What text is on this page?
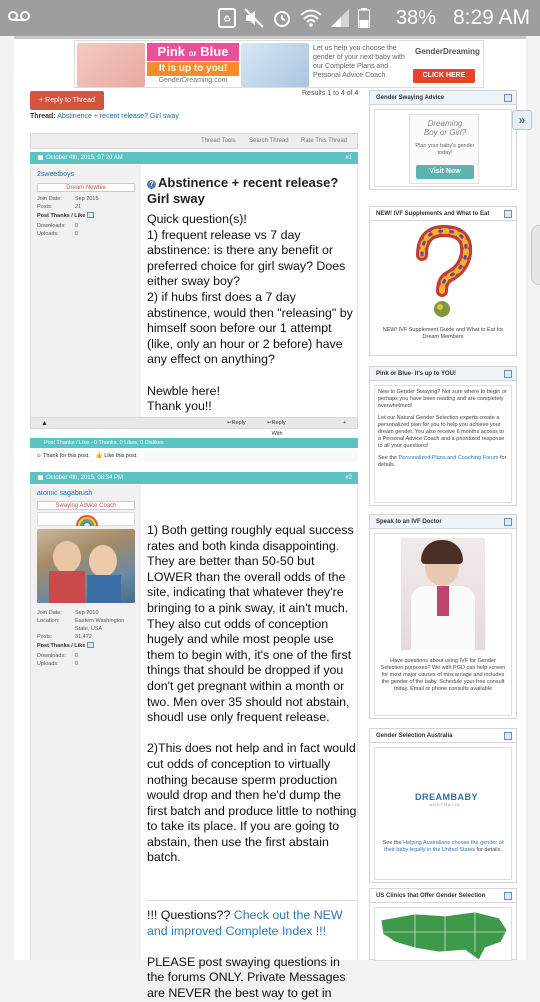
♻	38% 8:29 AM
Pink or Blue
It is up to you!
GenderDreaming.com
Let us help you choose the gender of your next baby with our Complete Plans and Personal Advice Coach
GenderDreaming
CLICK HERE
+ Reply to Thread
Results 1 to 4 of 4
Thread: Abstinence + recent release? Girl sway
Thread Tools Search Thread Rate This Thread
October 4th, 2015, 07:20 AM	#1
2sweetboys
Dream Newbie
Join Date: Sep 2015
Posts:	21
Post Thanks / Like
Downloads: 0
Uploads:	0
? Abstinence + recent release? Girl sway
Quick question(s)!
1) frequent release vs 7 day abstinence: is there any benefit or preferred choice for girl sway? Does either sway boy?
2) if hubs first does a 7 day abstinence, would then "releasing" by himself soon before our 1 attempt (like, only an hour or 2 before) have any effect on anything?
Newble here!
Thank you!!
▲	↩ Reply	↩ Reply With
+
Post Thanks / Like - 0 Thanks, 0 Likes, 0 Dislikes
☺ Thank for this post 👍 Like this post
October 4th, 2015, 08:34 PM	#2
atomic sagabrush
Swaying Advice Coach
Join Date: Sep 2010
Location:	Eastern Washington State, USA
Posts:	31,472
Post Thanks / Like
Downloads: 0
Uploads:	0
1) Both getting roughly equal success rates and both kinda disappointing. They are better than 50-50 but LOWER than the overall odds of the site, indicating that whatever they're bringing to a pink sway, it ain't much. They also cut odds of conception hugely and while most people use them to begin with, it's one of the first things that should be dropped if you don't get pregnant within a month or two. Men over 35 should not abstain, shoudl use only frequent release.
2)This does not help and in fact would cut odds of conception to virtually nothing because sperm production would drop and then he'd dump the first batch and produce little to nothing to take its place. If you are going to abstain, then use the first abstain batch.
!!! Questions?? Check out the NEW and improved Complete Index !!!
PLEASE post swaying questions in the forums ONLY. Private Messages are NEVER the best way to get in
Gender Swaying Advice
Dreaming
Boy or Girl?
Plan your baby's gender today!
Visit Now
NEW! IVF Supplements and What to Eat
NEW! IVF Supplement Guide and What to Eat for Dream Members
Pink or Blue- It's up to YOU!
New to Gender Swaying? Not sure where to begin or perhaps you have been reading and are completely overwhelmed!
Let our Natural Gender Selection experts create a personalized plan for you to help you achieve your dream gender. You also receive 6 months access to a Personal Advice Coach and a prioritized response to all your questions!
See the Personalized Plans and Coaching Forum for details.
Speak to an IVF Doctor
Have questions about using IVF for Gender Selection purposes? We with PGD can help screen for most major causes of miscarriage and includes the gender of the baby. Schedule your free consult today. Email or phone consults available
Gender Selection Australia
DREAMBABY
AUSTRALIA
See the Helping Australians choose the gender of their baby legally in the United States for details.
US Clinics that Offer Gender Selection
»
